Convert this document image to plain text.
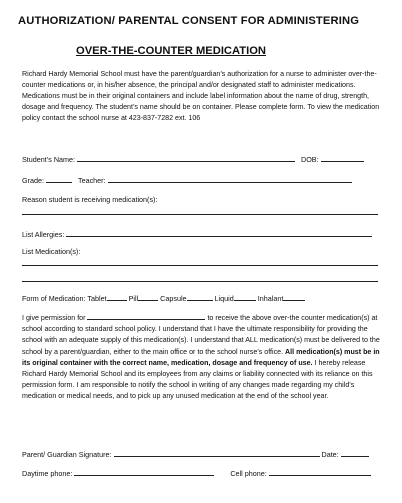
AUTHORIZATION/ PARENTAL CONSENT FOR ADMINISTERING
OVER-THE-COUNTER MEDICATION
Richard Hardy Memorial School must have the parent/guardian’s authorization for a nurse to administer over-the-counter medications or, in his/her absence, the principal and/or designated staff to administer medications. Medications must be in their original containers and include label information about the name of drug, strength, dosage and frequency. The student’s name should be on container. Please complete form. To view the medication policy contact the school nurse at 423-837-7282 ext. 106
Student’s Name:	DOB:
Grade:	Teacher:
Reason student is receiving medication(s):
List Allergies:
List Medication(s):
Form of Medication: Tablet	Pill	Capsule	Liquid	Inhalant
I give permission for	to receive the above over-the counter medication(s) at school according to standard school policy. I understand that I have the ultimate responsibility for providing the school with an adequate supply of this medication(s). I understand that ALL medication(s) must be delivered to the school by a parent/guardian, either to the main office or to the school nurse’s office. All medication(s) must be in its original container with the correct name, medication, dosage and frequency of use. I hereby release Richard Hardy Memorial School and its employees from any claims or liability connected with its reliance on this permission form. I am responsible to notify the school in writing of any changes made regarding my child’s medication or medical needs, and to pick up any unused medication at the end of the school year.
Parent/ Guardian Signature:	Date:
Daytime phone:	Cell phone:
